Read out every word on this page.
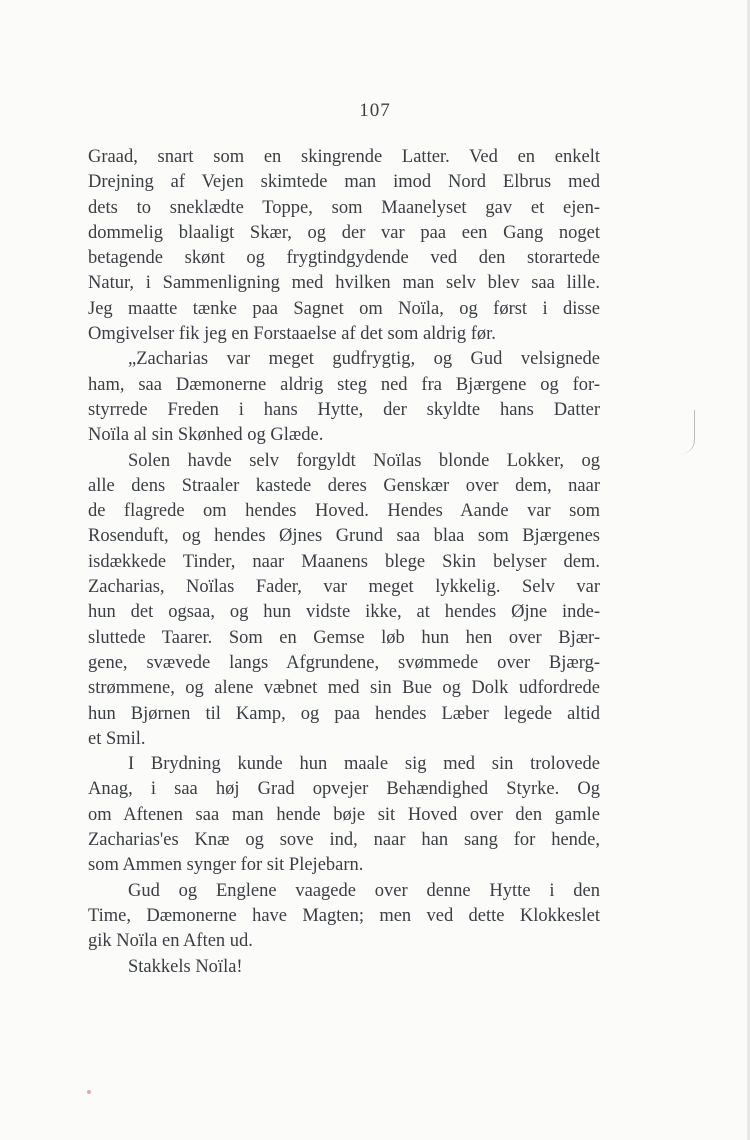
107
Graad, snart som en skingrende Latter. Ved en enkelt
Drejning af Vejen skimtede man imod Nord Elbrus med
dets to sneklædte Toppe, som Maanelyset gav et ejen-
dommelig blaaligt Skær, og der var paa een Gang noget
betagende skønt og frygtindgydende ved den storartede
Natur, i Sammenligning med hvilken man selv blev saa lille.
Jeg maatte tænke paa Sagnet om Noïla, og først i disse
Omgivelser fik jeg en Forstaaelse af det som aldrig før.
„Zacharias var meget gudfrygtig, og Gud velsignede
ham, saa Dæmonerne aldrig steg ned fra Bjærgene og for-
styrrede Freden i hans Hytte, der skyldte hans Datter
Noïla al sin Skønhed og Glæde.
Solen havde selv forgyldt Noïlas blonde Lokker, og
alle dens Straaler kastede deres Genskær over dem, naar
de flagrede om hendes Hoved. Hendes Aande var som
Rosenduft, og hendes Øjnes Grund saa blaa som Bjærgenes
isdækkede Tinder, naar Maanens blege Skin belyser dem.
Zacharias, Noïlas Fader, var meget lykkelig. Selv var
hun det ogsaa, og hun vidste ikke, at hendes Øjne inde-
sluttede Taarer. Som en Gemse løb hun hen over Bjær-
gene, svævede langs Afgrundene, svømmede over Bjærg-
strømmene, og alene væbnet med sin Bue og Dolk udfordrede
hun Bjørnen til Kamp, og paa hendes Læber legede altid
et Smil.
I Brydning kunde hun maale sig med sin trolovede
Anag, i saa høj Grad opvejer Behændighed Styrke. Og
om Aftenen saa man hende bøje sit Hoved over den gamle
Zacharias'es Knæ og sove ind, naar han sang for hende,
som Ammen synger for sit Plejebarn.
Gud og Englene vaagede over denne Hytte i den
Time, Dæmonerne have Magten; men ved dette Klokkeslet
gik Noïla en Aften ud.
Stakkels Noïla!
